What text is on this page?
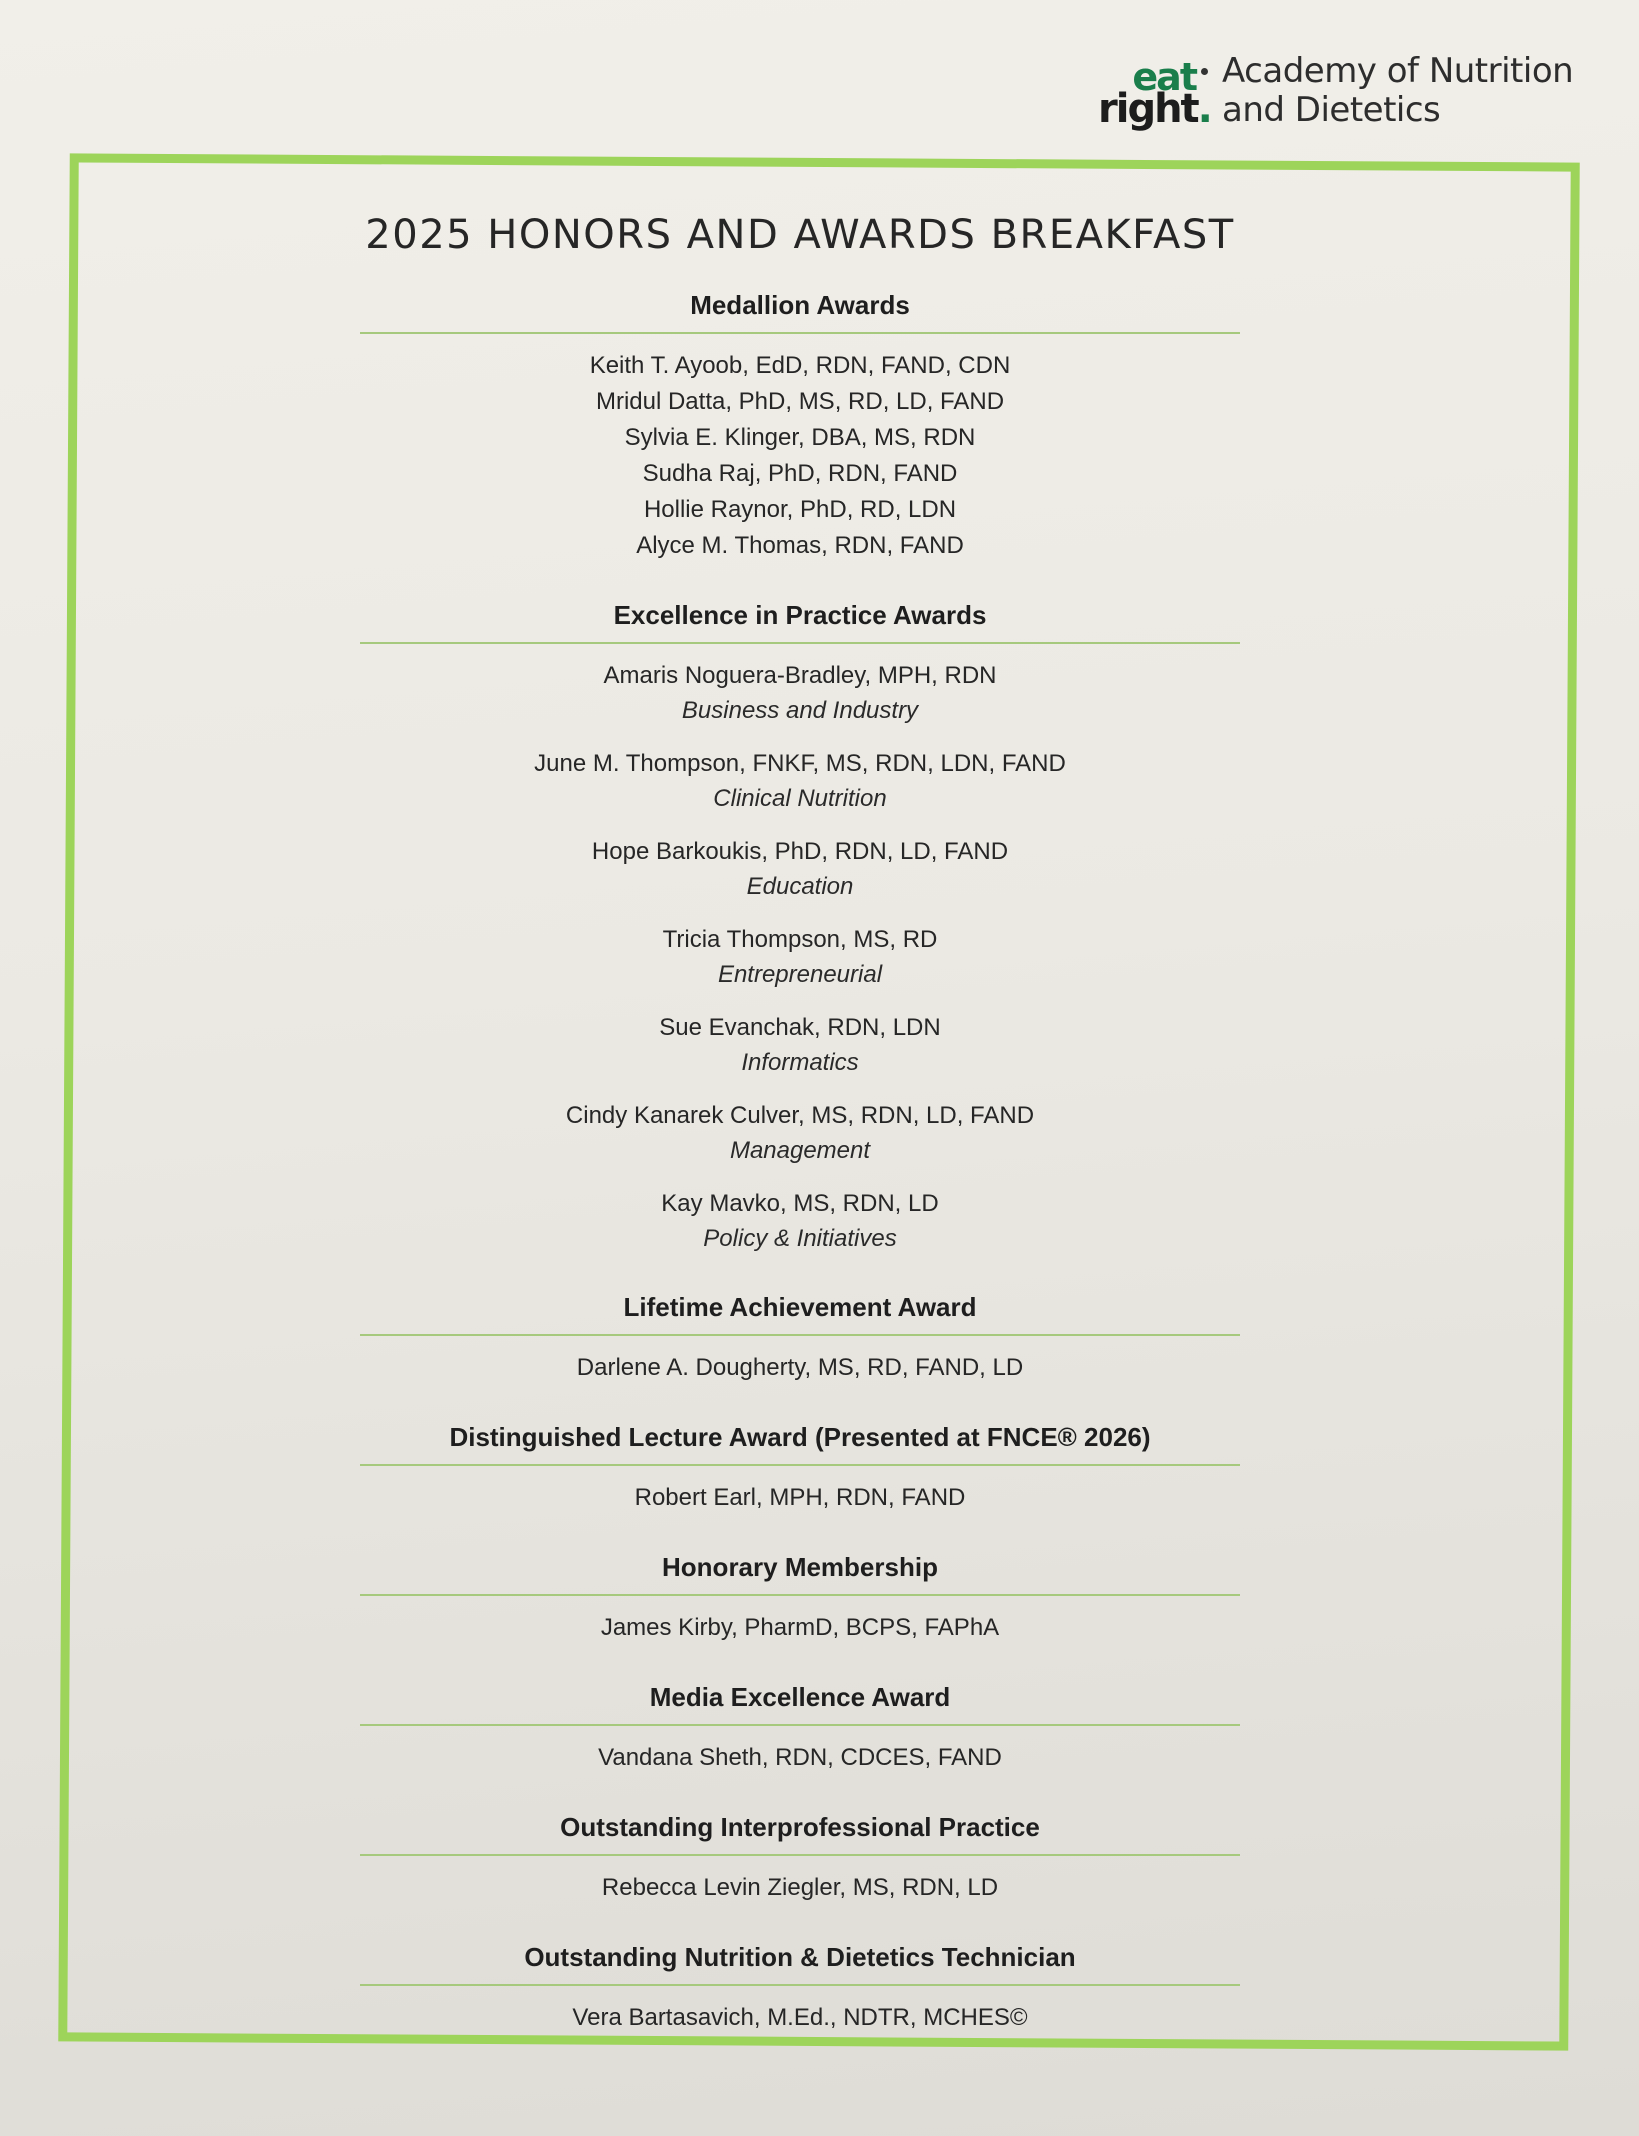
eat
right.
Academy of Nutrition
and Dietetics
2025 HONORS AND AWARDS BREAKFAST
Medallion Awards
Keith T. Ayoob, EdD, RDN, FAND, CDN
Mridul Datta, PhD, MS, RD, LD, FAND
Sylvia E. Klinger, DBA, MS, RDN
Sudha Raj, PhD, RDN, FAND
Hollie Raynor, PhD, RD, LDN
Alyce M. Thomas, RDN, FAND
Excellence in Practice Awards
Amaris Noguera-Bradley, MPH, RDN
Business and Industry
June M. Thompson, FNKF, MS, RDN, LDN, FAND
Clinical Nutrition
Hope Barkoukis, PhD, RDN, LD, FAND
Education
Tricia Thompson, MS, RD
Entrepreneurial
Sue Evanchak, RDN, LDN
Informatics
Cindy Kanarek Culver, MS, RDN, LD, FAND
Management
Kay Mavko, MS, RDN, LD
Policy & Initiatives
Lifetime Achievement Award
Darlene A. Dougherty, MS, RD, FAND, LD
Distinguished Lecture Award (Presented at FNCE® 2026)
Robert Earl, MPH, RDN, FAND
Honorary Membership
James Kirby, PharmD, BCPS, FAPhA
Media Excellence Award
Vandana Sheth, RDN, CDCES, FAND
Outstanding Interprofessional Practice
Rebecca Levin Ziegler, MS, RDN, LD
Outstanding Nutrition & Dietetics Technician
Vera Bartasavich, M.Ed., NDTR, MCHES©
